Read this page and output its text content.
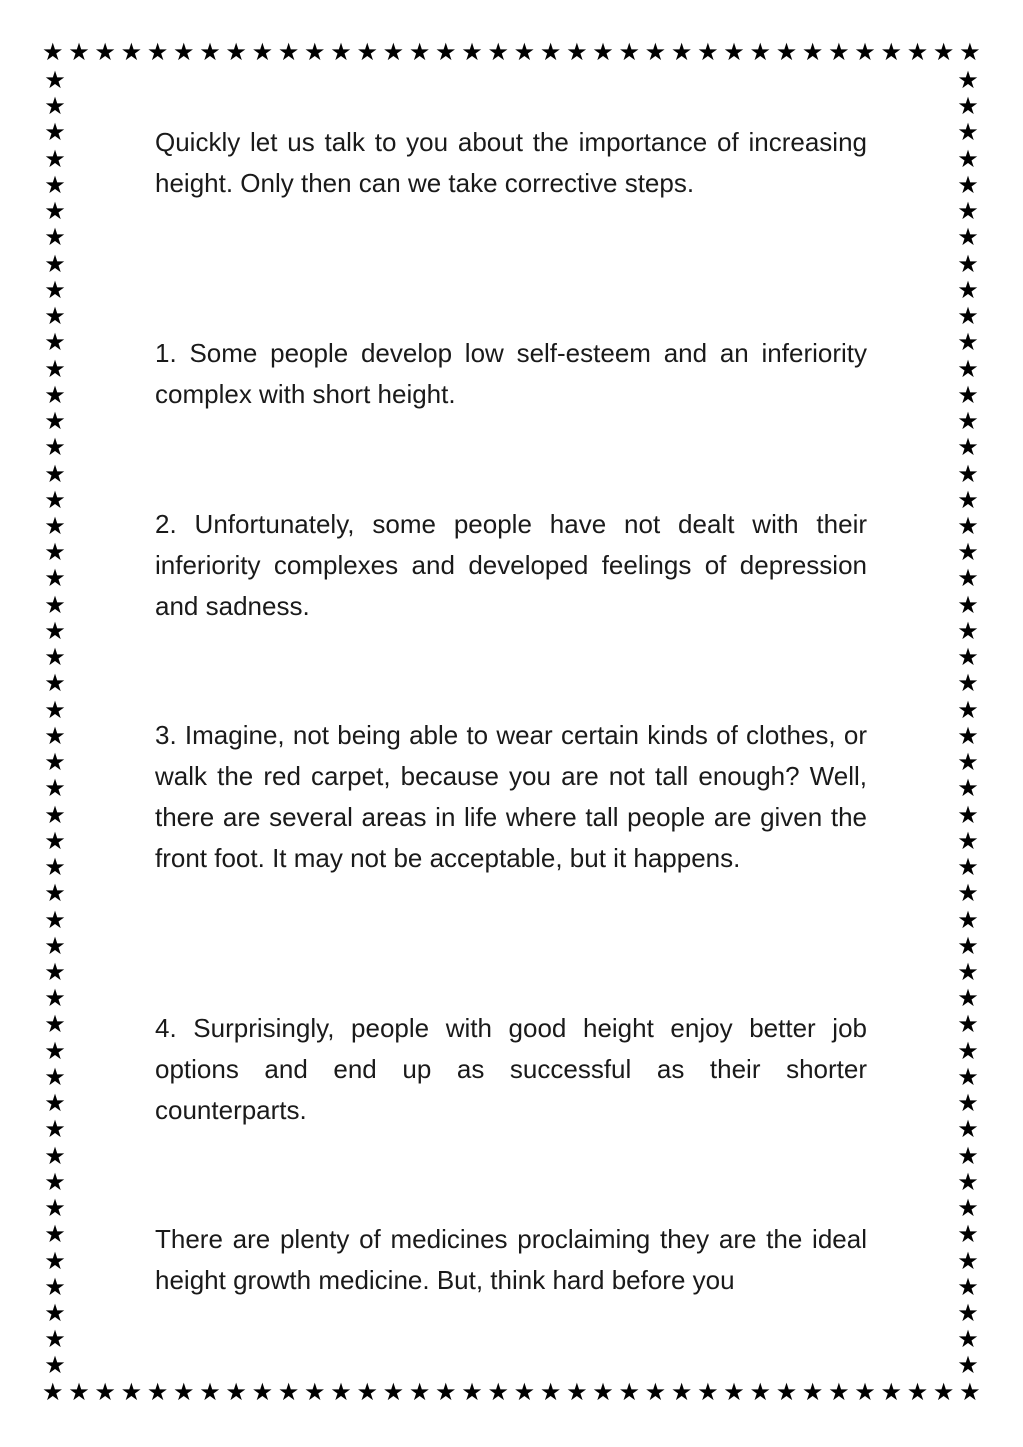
★ ★ ★ ★ ★ ★ ★ ★ ★ ★ ★ ★ ★ ★ ★ ★ ★ ★ ★ ★ ★ ★ ★ ★ ★ ★ ★ ★ ★ ★ ★ ★ ★ ★ ★ ★
★ ★ ★ ★ ★ ★ ★ ★ ★ ★ ★ ★ ★ ★ ★ ★ ★ ★ ★ ★ ★ ★ ★ ★ ★ ★ ★ ★ ★ ★ ★ ★ ★ ★ ★ ★
★
★
★
★
★
★
★
★
★
★
★
★
★
★
★
★
★
★
★
★
★
★
★
★
★
★
★
★
★
★
★
★
★
★
★
★
★
★
★
★
★
★
★
★
★
★
★
★
★
★
★
★
★
★
★
★
★
★
★
★
★
★
★
★
★
★
★
★
★
★
★
★
★
★
★
★
★
★
★
★
★
★
★
★
★
★
★
★
★
★
★
★
★
★
★
★
★
★
★
★

Quickly let us talk to you about the importance of increasing height. Only then can we take corrective steps.

1. Some people develop low self-esteem and an inferiority complex with short height.

2. Unfortunately, some people have not dealt with their inferiority complexes and developed feelings of depression and sadness.

3. Imagine, not being able to wear certain kinds of clothes, or walk the red carpet, because you are not tall enough? Well, there are several areas in life where tall people are given the front foot. It may not be acceptable, but it happens.

4. Surprisingly, people with good height enjoy better job options and end up as successful as their shorter counterparts.

There are plenty of medicines proclaiming they are the ideal height growth medicine. But, think hard before you
